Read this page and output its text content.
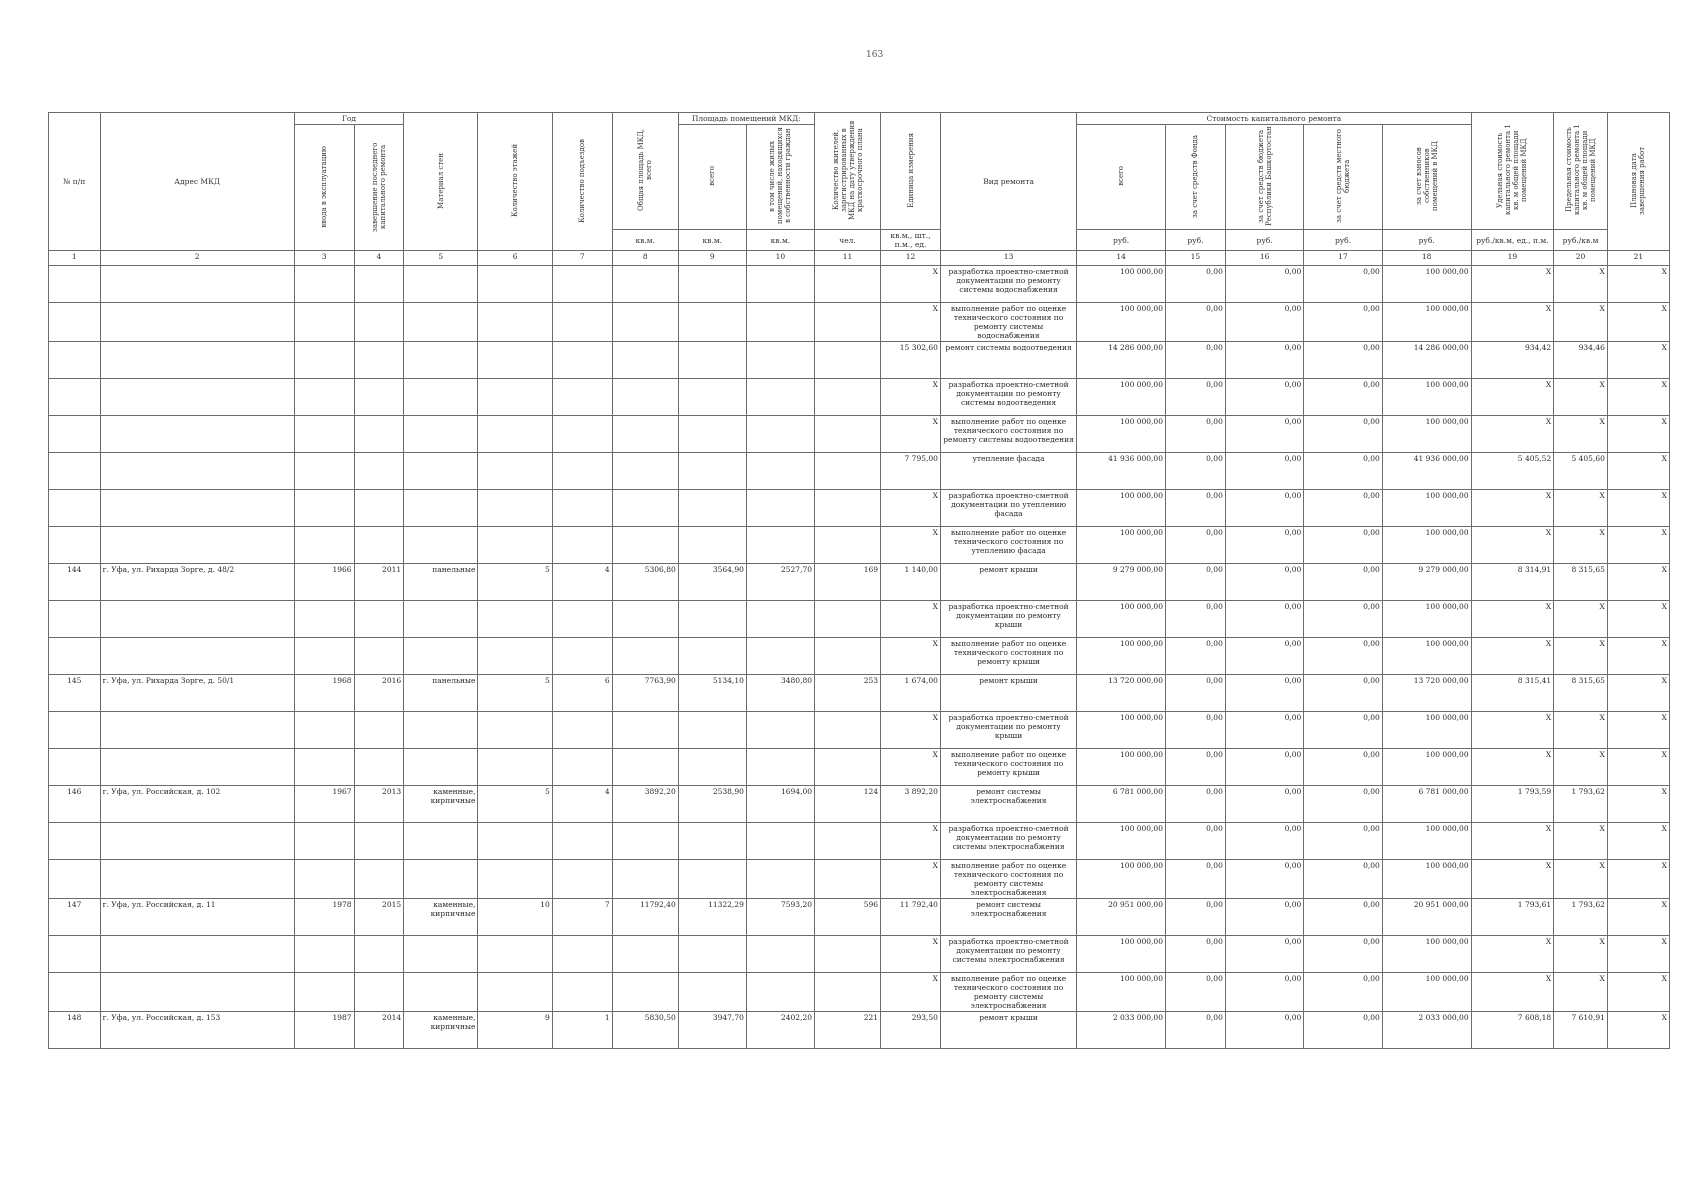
163
№ п/п	Адрес МКД	Год		Материал стен	Количество этажей	Количество подъездов	Общая площадь МКД, всего	Площадь помещений МКД:		Количество жителей, зарегистрированных в МКД на дату утверждения краткосрочного плана	Единица измерения	Вид ремонта	Стоимость капитального ремонта					Удельная стоимость капитального ремонта 1 кв. м общей площади помещений МКД	Предельная стоимость капитального ремонта 1 кв. м общей площади помещений МКД	Плановая дата завершения работ
		ввода в эксплуатацию	завершение последнего капитального ремонта					всего	в том числе жилых помещений, находящихся в собственности граждан				всего	за счет средств Фонда	за счет средств бюджета Республики Башкортостан	за счет средств местного бюджета	за счет взносов собственников помещений в МКД			
							кв.м.	кв.м.	кв.м.	чел.	кв.м., шт., п.м., ед.		руб.	руб.	руб.	руб.	руб.	руб./кв.м, ед., п.м.	руб./кв.м	
1	2	3	4	5	6	7	8	9	10	11	12	13	14	15	16	17	18	19	20	21
											Х	разработка проектно-сметной документации по ремонту системы водоснабжения	100 000,00	0,00	0,00	0,00	100 000,00	Х	Х	Х
											Х	выполнение работ по оценке технического состояния по ремонту системы водоснабжения	100 000,00	0,00	0,00	0,00	100 000,00	Х	Х	Х
											15 302,60	ремонт системы водоотведения	14 286 000,00	0,00	0,00	0,00	14 286 000,00	934,42	934,46	Х
											Х	разработка проектно-сметной документации по ремонту системы водоотведения	100 000,00	0,00	0,00	0,00	100 000,00	Х	Х	Х
											Х	выполнение работ по оценке технического состояния по ремонту системы водоотведения	100 000,00	0,00	0,00	0,00	100 000,00	Х	Х	Х
											7 795,00	утепление фасада	41 936 000,00	0,00	0,00	0,00	41 936 000,00	5 405,52	5 405,60	Х
											Х	разработка проектно-сметной документации по утеплению фасада	100 000,00	0,00	0,00	0,00	100 000,00	Х	Х	Х
											Х	выполнение работ по оценке технического состояния по утеплению фасада	100 000,00	0,00	0,00	0,00	100 000,00	Х	Х	Х
144	г. Уфа, ул. Рихарда Зорге, д. 48/2	1966	2011	панельные	5	4	5306,80	3564,90	2527,70	169	1 140,00	ремонт крыши	9 279 000,00	0,00	0,00	0,00	9 279 000,00	8 314,91	8 315,65	Х
											Х	разработка проектно-сметной документации по ремонту крыши	100 000,00	0,00	0,00	0,00	100 000,00	Х	Х	Х
											Х	выполнение работ по оценке технического состояния по ремонту крыши	100 000,00	0,00	0,00	0,00	100 000,00	Х	Х	Х
145	г. Уфа, ул. Рихарда Зорге, д. 50/1	1968	2016	панельные	5	6	7763,90	5134,10	3480,80	253	1 674,00	ремонт крыши	13 720 000,00	0,00	0,00	0,00	13 720 000,00	8 315,41	8 315,65	Х
											Х	разработка проектно-сметной документации по ремонту крыши	100 000,00	0,00	0,00	0,00	100 000,00	Х	Х	Х
											Х	выполнение работ по оценке технического состояния по ремонту крыши	100 000,00	0,00	0,00	0,00	100 000,00	Х	Х	Х
146	г. Уфа, ул. Российская, д. 102	1967	2013	каменные, кирпичные	5	4	3892,20	2538,90	1694,00	124	3 892,20	ремонт системы электроснабжения	6 781 000,00	0,00	0,00	0,00	6 781 000,00	1 793,59	1 793,62	Х
											Х	разработка проектно-сметной документации по ремонту системы электроснабжения	100 000,00	0,00	0,00	0,00	100 000,00	Х	Х	Х
											Х	выполнение работ по оценке технического состояния по ремонту системы электроснабжения	100 000,00	0,00	0,00	0,00	100 000,00	Х	Х	Х
147	г. Уфа, ул. Российская, д. 11	1978	2015	каменные, кирпичные	10	7	11792,40	11322,29	7593,20	596	11 792,40	ремонт системы электроснабжения	20 951 000,00	0,00	0,00	0,00	20 951 000,00	1 793,61	1 793,62	Х
											Х	разработка проектно-сметной документации по ремонту системы электроснабжения	100 000,00	0,00	0,00	0,00	100 000,00	Х	Х	Х
											Х	выполнение работ по оценке технического состояния по ремонту системы электроснабжения	100 000,00	0,00	0,00	0,00	100 000,00	Х	Х	Х
148	г. Уфа, ул. Российская, д. 153	1987	2014	каменные, кирпичные	9	1	5830,50	3947,70	2402,20	221	293,50	ремонт крыши	2 033 000,00	0,00	0,00	0,00	2 033 000,00	7 608,18	7 610,91	Х
